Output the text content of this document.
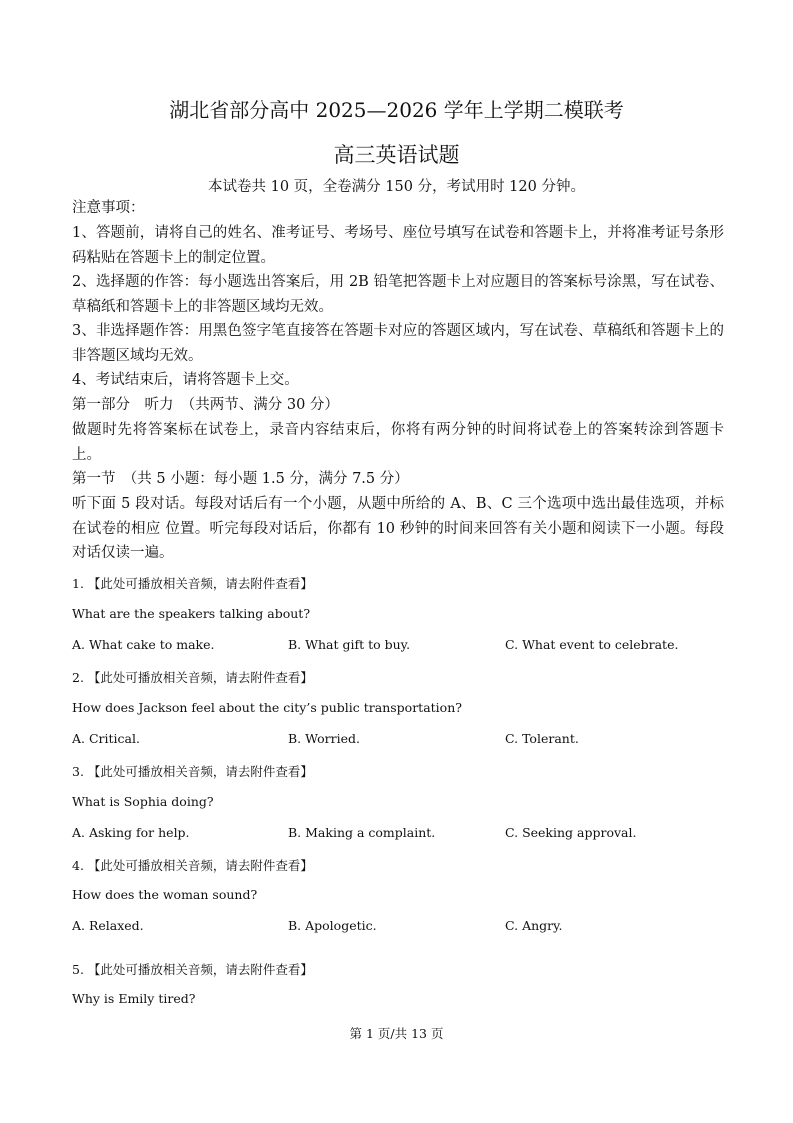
湖北省部分高中 2025—2026 学年上学期二模联考
高三英语试题
本试卷共 10 页，全卷满分 150 分，考试用时 120 分钟。
注意事项：
1、答题前，请将自己的姓名、准考证号、考场号、座位号填写在试卷和答题卡上，并将准考证号条形码粘贴在答题卡上的制定位置。
2、选择题的作答：每小题选出答案后，用 2B 铅笔把答题卡上对应题目的答案标号涂黑，写在试卷、草稿纸和答题卡上的非答题区域均无效。
3、非选择题作答：用黑色签字笔直接答在答题卡对应的答题区域内，写在试卷、草稿纸和答题卡上的非答题区域均无效。
4、考试结束后，请将答题卡上交。
第一部分　听力　（共两节、满分 30 分）
做题时先将答案标在试卷上，录音内容结束后，你将有两分钟的时间将试卷上的答案转涂到答题卡上。
第一节　（共 5 小题：每小题 1.5 分，满分 7.5 分）
听下面 5 段对话。每段对话后有一个小题，从题中所给的 A、B、C 三个选项中选出最佳选项，并标在试卷的相应 位置。听完每段对话后，你都有 10 秒钟的时间来回答有关小题和阅读下一小题。每段对话仅读一遍。
1. 【此处可播放相关音频，请去附件查看】
What are the speakers talking about?
A. What cake to make.	B. What gift to buy.	C. What event to celebrate.
2. 【此处可播放相关音频，请去附件查看】
How does Jackson feel about the city’s public transportation?
A. Critical.	B. Worried.	C. Tolerant.
3. 【此处可播放相关音频，请去附件查看】
What is Sophia doing?
A. Asking for help.	B. Making a complaint.	C. Seeking approval.
4. 【此处可播放相关音频，请去附件查看】
How does the woman sound?
A. Relaxed.	B. Apologetic.	C. Angry.
5. 【此处可播放相关音频，请去附件查看】
Why is Emily tired?
第 1 页/共 13 页
